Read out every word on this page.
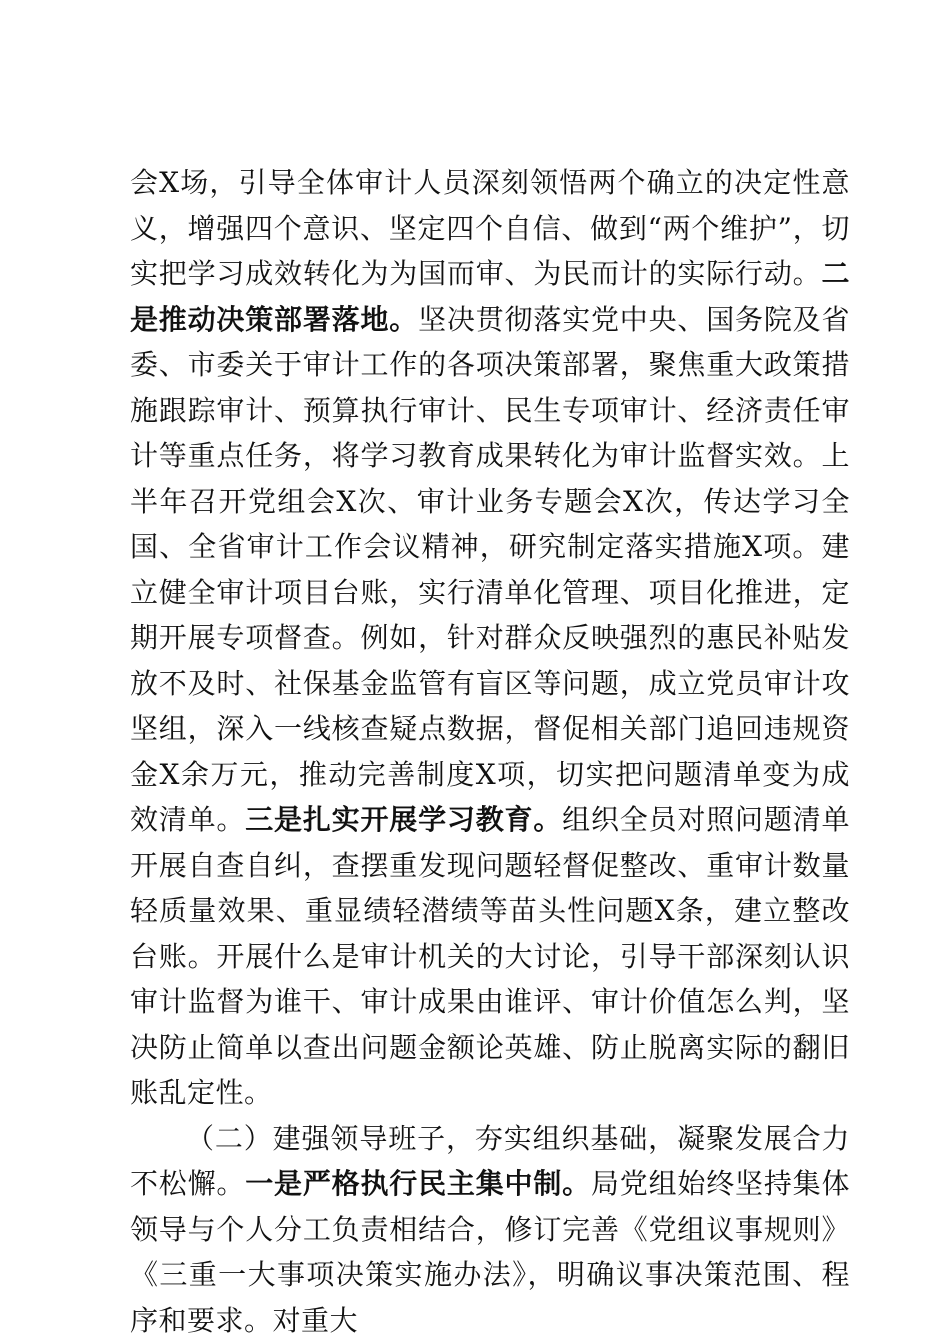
会X场，引导全体审计人员深刻领悟两个确立的决定性意义，增强四个意识、坚定四个自信、做到“两个维护”，切实把学习成效转化为为国而审、为民而计的实际行动。二是推动决策部署落地。坚决贯彻落实党中央、国务院及省委、市委关于审计工作的各项决策部署，聚焦重大政策措施跟踪审计、预算执行审计、民生专项审计、经济责任审计等重点任务，将学习教育成果转化为审计监督实效。上半年召开党组会X次、审计业务专题会X次，传达学习全国、全省审计工作会议精神，研究制定落实措施X项。建立健全审计项目台账，实行清单化管理、项目化推进，定期开展专项督查。例如，针对群众反映强烈的惠民补贴发放不及时、社保基金监管有盲区等问题，成立党员审计攻坚组，深入一线核查疑点数据，督促相关部门追回违规资金X余万元，推动完善制度X项，切实把问题清单变为成效清单。三是扎实开展学习教育。组织全员对照问题清单开展自查自纠，查摆重发现问题轻督促整改、重审计数量轻质量效果、重显绩轻潜绩等苗头性问题X条，建立整改台账。开展什么是审计机关的大讨论，引导干部深刻认识审计监督为谁干、审计成果由谁评、审计价值怎么判，坚决防止简单以查出问题金额论英雄、防止脱离实际的翻旧账乱定性。

（二）建强领导班子，夯实组织基础，凝聚发展合力不松懈。一是严格执行民主集中制。局党组始终坚持集体领导与个人分工负责相结合，修订完善《党组议事规则》《三重一大事项决策实施办法》，明确议事决策范围、程序和要求。对重大
